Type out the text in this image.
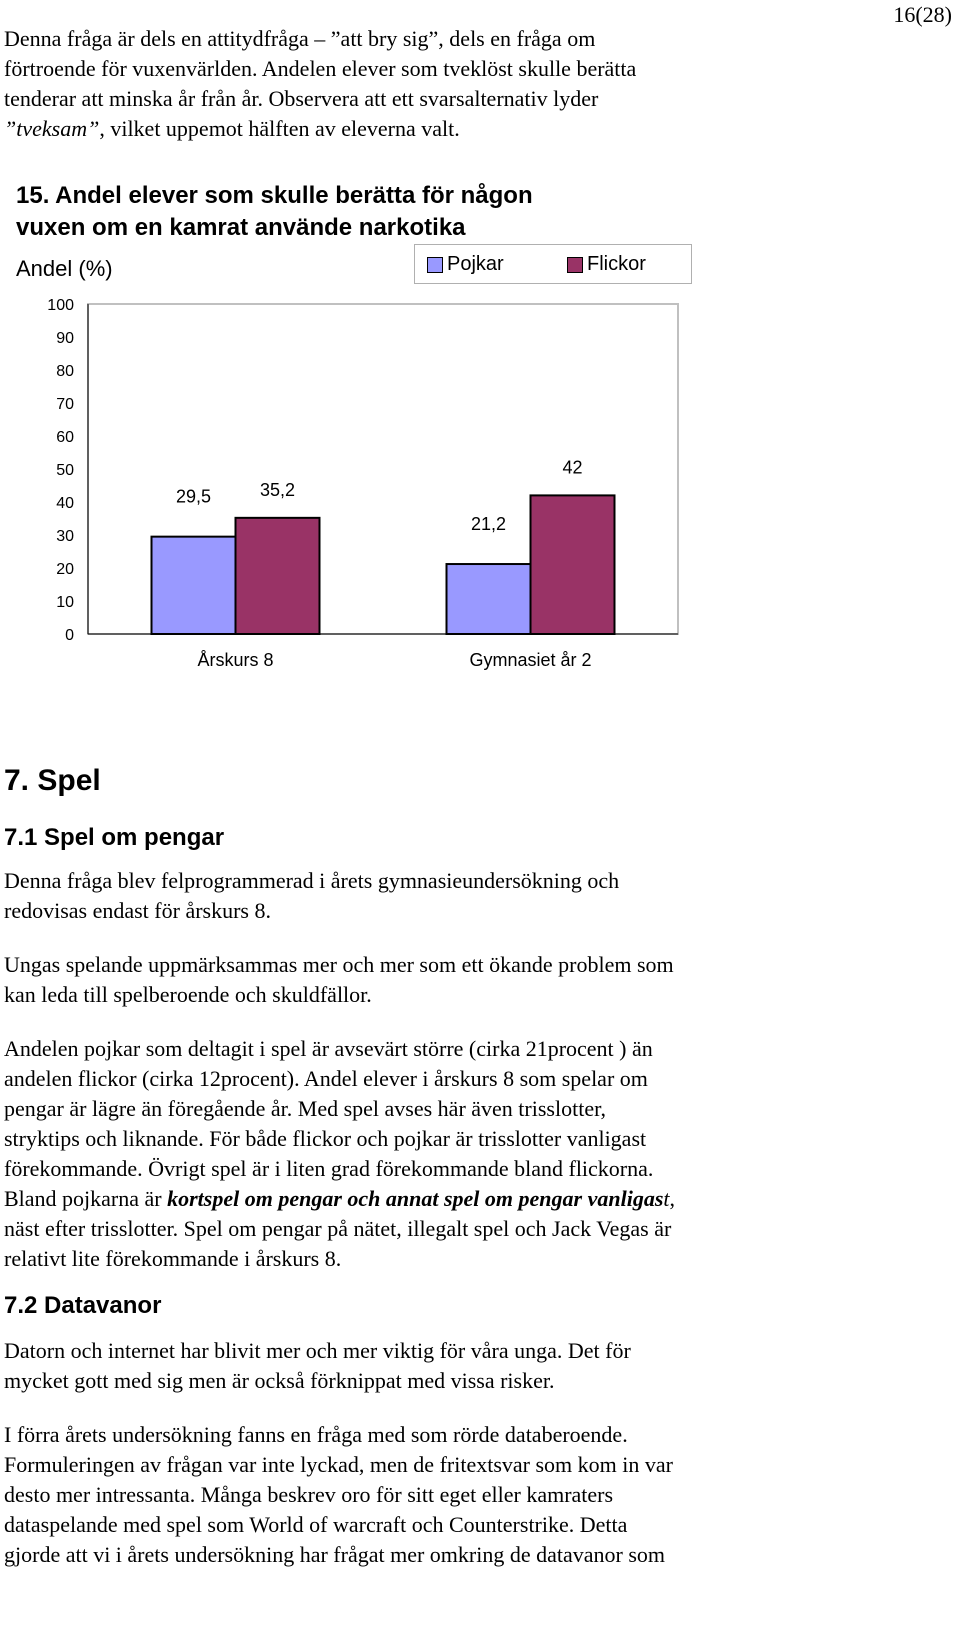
16(28)
Denna fråga är dels en attitydfråga – ”att bry sig”, dels en fråga om
förtroende för vuxenvärlden. Andelen elever som tveklöst skulle berätta
tenderar att minska år från år. Observera att ett svarsalternativ lyder
”tveksam”, vilket uppemot hälften av eleverna valt.
15. Andel elever som skulle berätta för någon
vuxen om en kamrat använde narkotika
Andel (%)	Pojkar	Flickor
0
10
20
30
40
50
60
70
80
90
100
29,5	35,2
Årskurs 8
21,2
42
Gymnasiet år 2
7. Spel
7.1 Spel om pengar
Denna fråga blev felprogrammerad i årets gymnasieundersökning och
redovisas endast för årskurs 8.
Ungas spelande uppmärksammas mer och mer som ett ökande problem som
kan leda till spelberoende och skuldfällor.
Andelen pojkar som deltagit i spel är avsevärt större (cirka 21procent ) än
andelen flickor (cirka 12procent). Andel elever i årskurs 8 som spelar om
pengar är lägre än föregående år. Med spel avses här även trisslotter,
stryktips och liknande. För både flickor och pojkar är trisslotter vanligast
förekommande. Övrigt spel är i liten grad förekommande bland flickorna.
Bland pojkarna är kortspel om pengar och annat spel om pengar vanligast,
näst efter trisslotter. Spel om pengar på nätet, illegalt spel och Jack Vegas är
relativt lite förekommande i årskurs 8.
7.2 Datavanor
Datorn och internet har blivit mer och mer viktig för våra unga. Det för
mycket gott med sig men är också förknippat med vissa risker.
I förra årets undersökning fanns en fråga med som rörde databeroende.
Formuleringen av frågan var inte lyckad, men de fritextsvar som kom in var
desto mer intressanta. Många beskrev oro för sitt eget eller kamraters
dataspelande med spel som World of warcraft och Counterstrike. Detta
gjorde att vi i årets undersökning har frågat mer omkring de datavanor som
